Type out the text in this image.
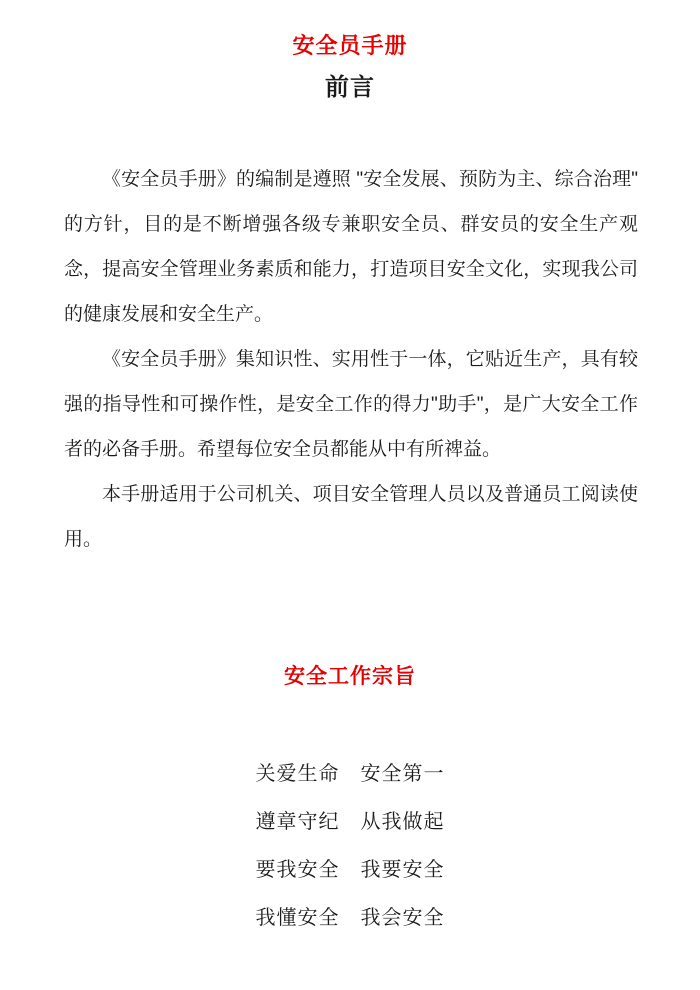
安全员手册
前言

《安全员手册》的编制是遵照 "安全发展、预防为主、综合治理" 的方针，目的是不断增强各级专兼职安全员、群安员的安全生产观念，提高安全管理业务素质和能力，打造项目安全文化，实现我公司的健康发展和安全生产。

《安全员手册》集知识性、实用性于一体，它贴近生产，具有较强的指导性和可操作性，是安全工作的得力"助手"，是广大安全工作者的必备手册。希望每位安全员都能从中有所禆益。

本手册适用于公司机关、项目安全管理人员以及普通员工阅读使用。

安全工作宗旨
关爱生命　安全第一
遵章守纪　从我做起
要我安全　我要安全
我懂安全　我会安全
